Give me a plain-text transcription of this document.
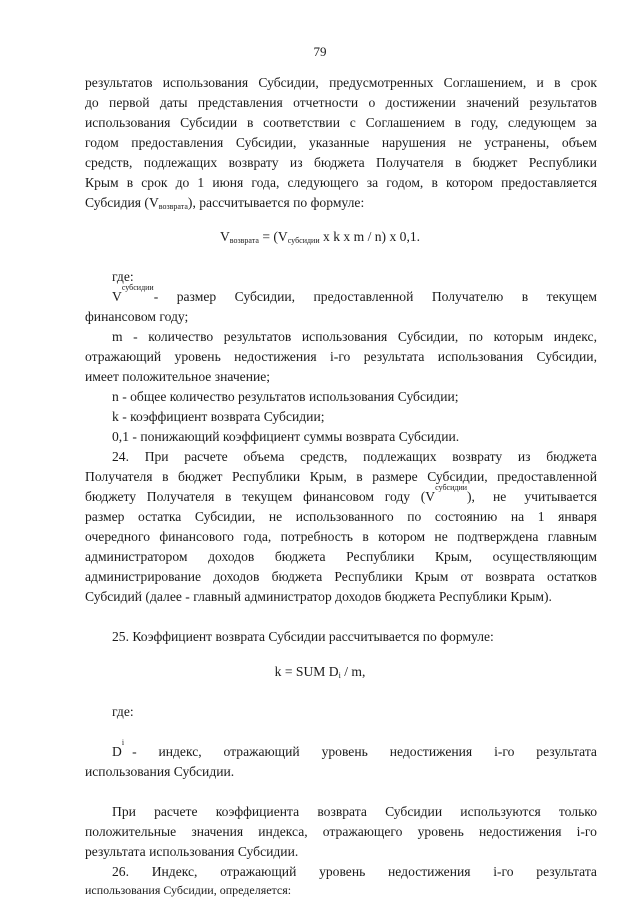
79
результатов использования Субсидии, предусмотренных Соглашением, и в срок
до первой даты представления отчетности о достижении значений результатов
использования Субсидии в соответствии с Соглашением в году, следующем за
годом предоставления Субсидии, указанные нарушения не устранены, объем
средств, подлежащих возврату из бюджета Получателя в бюджет Республики
Крым в срок до 1 июня года, следующего за годом, в котором предоставляется
Субсидия $(V_{возврата})$, рассчитывается по формуле:
$V_{возврата} = (V_{субсидии}$ x k x m / n) x 0,1.
где:
V
субсидии
- размер Субсидии, предоставленной Получателю в текущем
финансовом году;
m - количество результатов использования Субсидии, по которым индекс,
отражающий уровень недостижения i-го результата использования Субсидии,
имеет положительное значение;
n - общее количество результатов использования Субсидии;
k - коэффициент возврата Субсидии;
0,1 - понижающий коэффициент суммы возврата Субсидии.
24. При расчете объема средств, подлежащих возврату из бюджета
Получателя в бюджет Республики Крым, в размере Субсидии, предоставленной
бюджету Получателя в текущем финансовом году (V
субсидии
), не учитывается
размер остатка Субсидии, не использованного по состоянию на 1 января
очередного финансового года, потребность в котором не подтверждена главным
администратором доходов бюджета Республики Крым, осуществляющим
администрирование доходов бюджета Республики Крым от возврата остатков
Субсидий (далее - главный администратор доходов бюджета Республики Крым).
25. Коэффициент возврата Субсидии рассчитывается по формуле:
k = SUM $D_i$ / m,
где:
D
i
- индекс, отражающий уровень недостижения i-го результата
использования Субсидии.
При расчете коэффициента возврата Субсидии используются только
положительные значения индекса, отражающего уровень недостижения i-го
результата использования Субсидии.
26. Индекс, отражающий уровень недостижения i-го результата
использования Субсидии, определяется:
